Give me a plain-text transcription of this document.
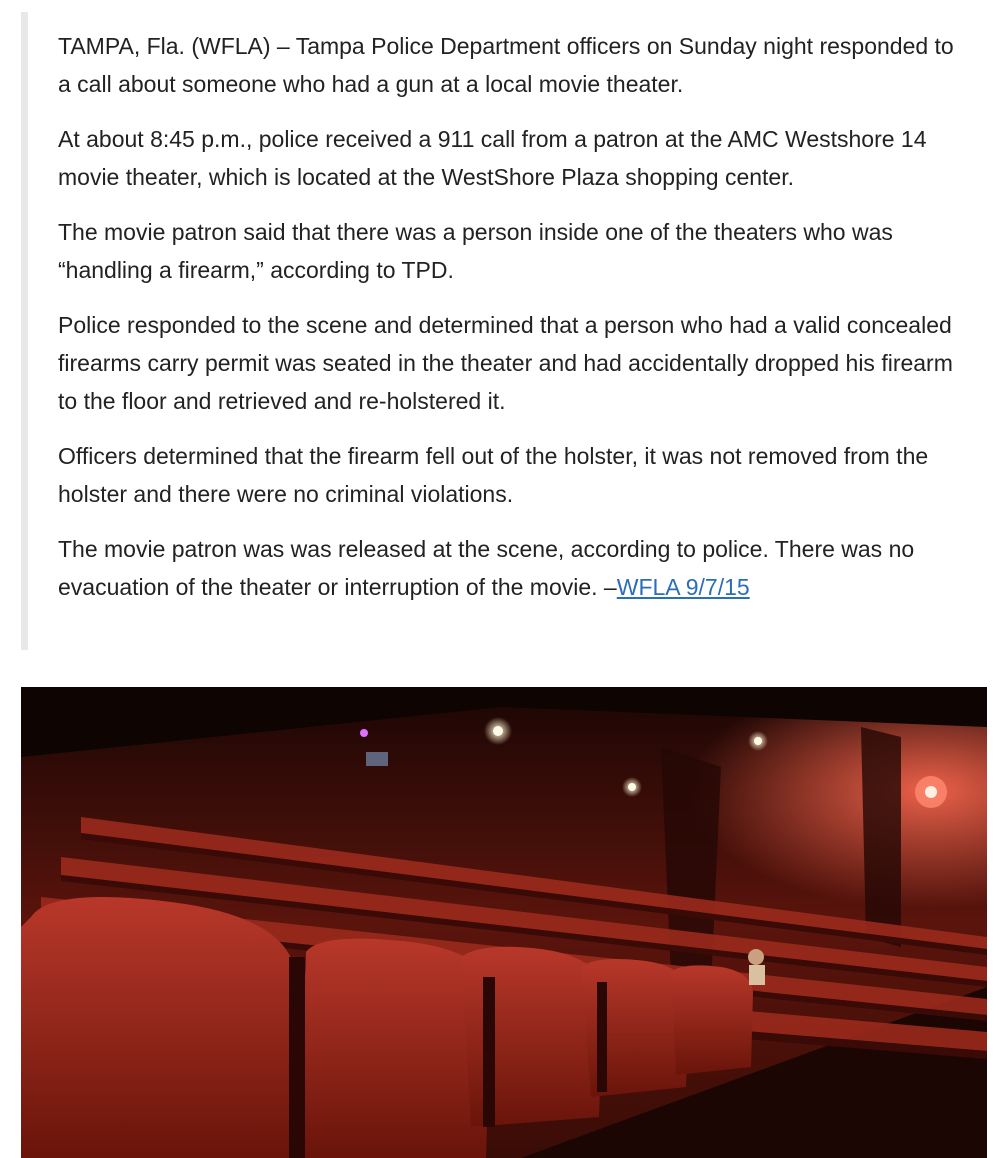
TAMPA, Fla. (WFLA) – Tampa Police Department officers on Sunday night responded to a call about someone who had a gun at a local movie theater.

At about 8:45 p.m., police received a 911 call from a patron at the AMC Westshore 14 movie theater, which is located at the WestShore Plaza shopping center.

The movie patron said that there was a person inside one of the theaters who was “handling a firearm,” according to TPD.

Police responded to the scene and determined that a person who had a valid concealed firearms carry permit was seated in the theater and had accidentally dropped his firearm to the floor and retrieved and re-holstered it.

Officers determined that the firearm fell out of the holster, it was not removed from the holster and there were no criminal violations.

The movie patron was was released at the scene, according to police. There was no evacuation of the theater or interruption of the movie. –WFLA 9/7/15
